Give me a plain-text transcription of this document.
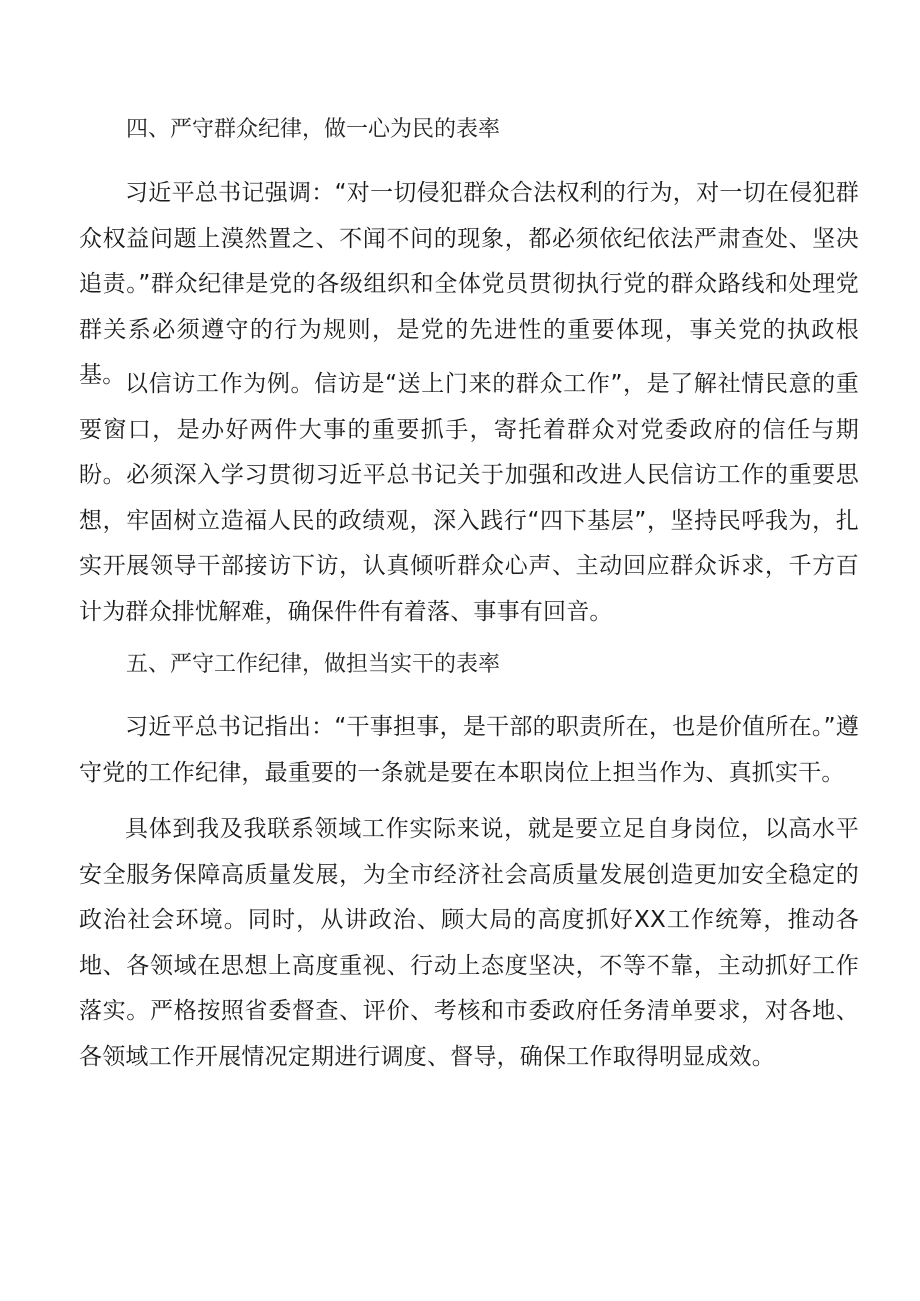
四、严守群众纪律，做一心为民的表率

习近平总书记强调：“对一切侵犯群众合法权利的行为，对一切在侵犯群众权益问题上漠然置之、不闻不问的现象，都必须依纪依法严肃查处、坚决追责。”群众纪律是党的各级组织和全体党员贯彻执行党的群众路线和处理党群关系必须遵守的行为规则，是党的先进性的重要体现，事关党的执政根基。 以信访工作为例。信访是“送上门来的群众工作”，是了解社情民意的重要窗口，是办好两件大事的重要抓手，寄托着群众对党委政府的信任与期盼。必须深入学习贯彻习近平总书记关于加强和改进人民信访工作的重要思想，牢固树立造福人民的政绩观，深入践行“四下基层”，坚持民呼我为，扎实开展领导干部接访下访，认真倾听群众心声、主动回应群众诉求，千方百计为群众排忧解难，确保件件有着落、事事有回音。

五、严守工作纪律，做担当实干的表率

习近平总书记指出：“干事担事，是干部的职责所在，也是价值所在。”遵守党的工作纪律，最重要的一条就是要在本职岗位上担当作为、真抓实干。

具体到我及我联系领域工作实际来说，就是要立足自身岗位，以高水平安全服务保障高质量发展，为全市经济社会高质量发展创造更加安全稳定的政治社会环境。同时，从讲政治、顾大局的高度抓好XX工作统筹，推动各地、各领域在思想上高度重视、行动上态度坚决，不等不靠，主动抓好工作落实。严格按照省委督查、评价、考核和市委政府任务清单要求，对各地、各领域工作开展情况定期进行调度、督导，确保工作取得明显成效。
